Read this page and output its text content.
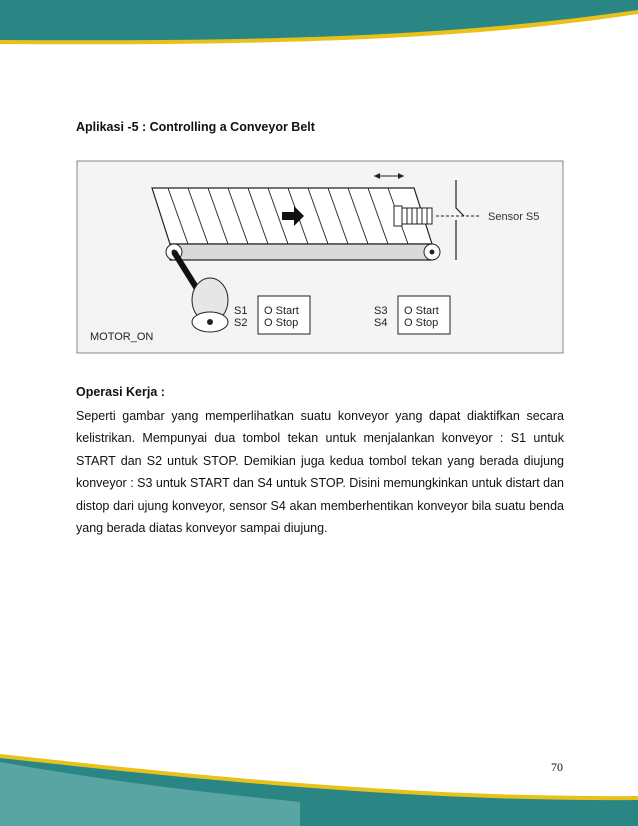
Aplikasi -5 : Controlling a Conveyor Belt
Sensor S5
MOTOR_ON
S1
S2
O Start
O Stop
S3
S4
O Start
O Stop
Operasi Kerja :
Seperti gambar yang memperlihatkan suatu konveyor yang dapat diaktifkan secara kelistrikan. Mempunyai dua tombol tekan untuk menjalankan konveyor : S1 untuk START dan S2 untuk STOP. Demikian juga kedua tombol tekan yang berada diujung konveyor : S3 untuk START dan S4 untuk STOP. Disini memungkinkan untuk distart dan distop dari ujung konveyor, sensor S4 akan memberhentikan konveyor bila suatu benda yang berada diatas konveyor sampai diujung.
70
